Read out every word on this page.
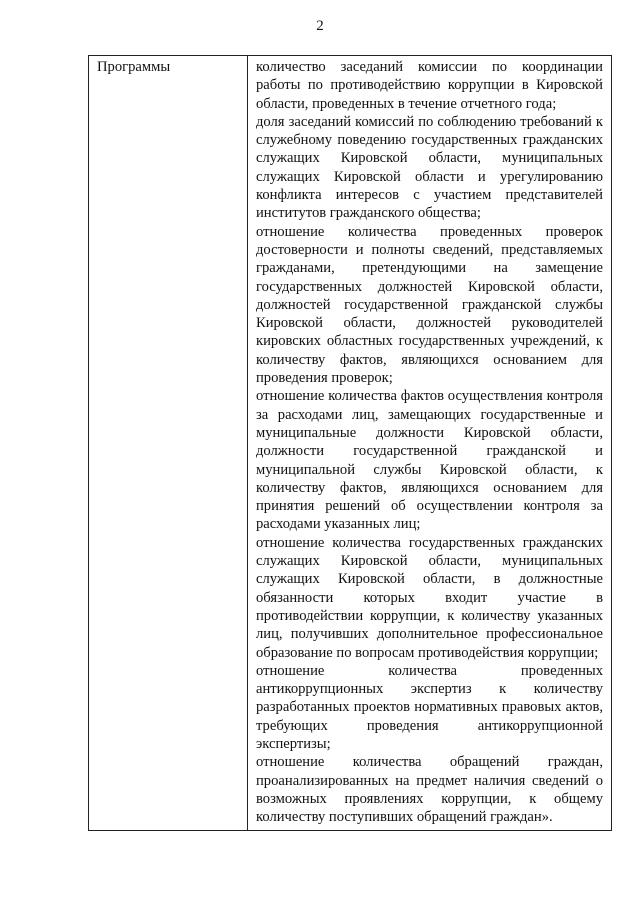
2
Программы	количество заседаний комиссии по координации работы по противодействию коррупции в Кировской области, проведенных в течение отчетного года;
доля заседаний комиссий по соблюдению требований к служебному поведению государственных гражданских служащих Кировской области, муниципальных служащих Кировской области и урегулированию конфликта интересов с участием представителей институтов гражданского общества;
отношение количества проведенных проверок достоверности и полноты сведений, представляемых гражданами, претендующими на замещение государственных должностей Кировской области, должностей государственной гражданской службы Кировской области, должностей руководителей кировских областных государственных учреждений, к количеству фактов, являющихся основанием для проведения проверок;
отношение количества фактов осуществления контроля за расходами лиц, замещающих государственные и муниципальные должности Кировской области, должности государственной гражданской и муниципальной службы Кировской области, к количеству фактов, являющихся основанием для принятия решений об осуществлении контроля за расходами указанных лиц;
отношение количества государственных гражданских служащих Кировской области, муниципальных служащих Кировской области, в должностные обязанности которых входит участие в противодействии коррупции, к количеству указанных лиц, получивших дополнительное профессиональное образование по вопросам противодействия коррупции;
отношение количества проведенных антикоррупционных экспертиз к количеству разработанных проектов нормативных правовых актов, требующих проведения антикоррупционной экспертизы;
отношение количества обращений граждан, проанализированных на предмет наличия сведений о возможных проявлениях коррупции, к общему количеству поступивших обращений граждан».
